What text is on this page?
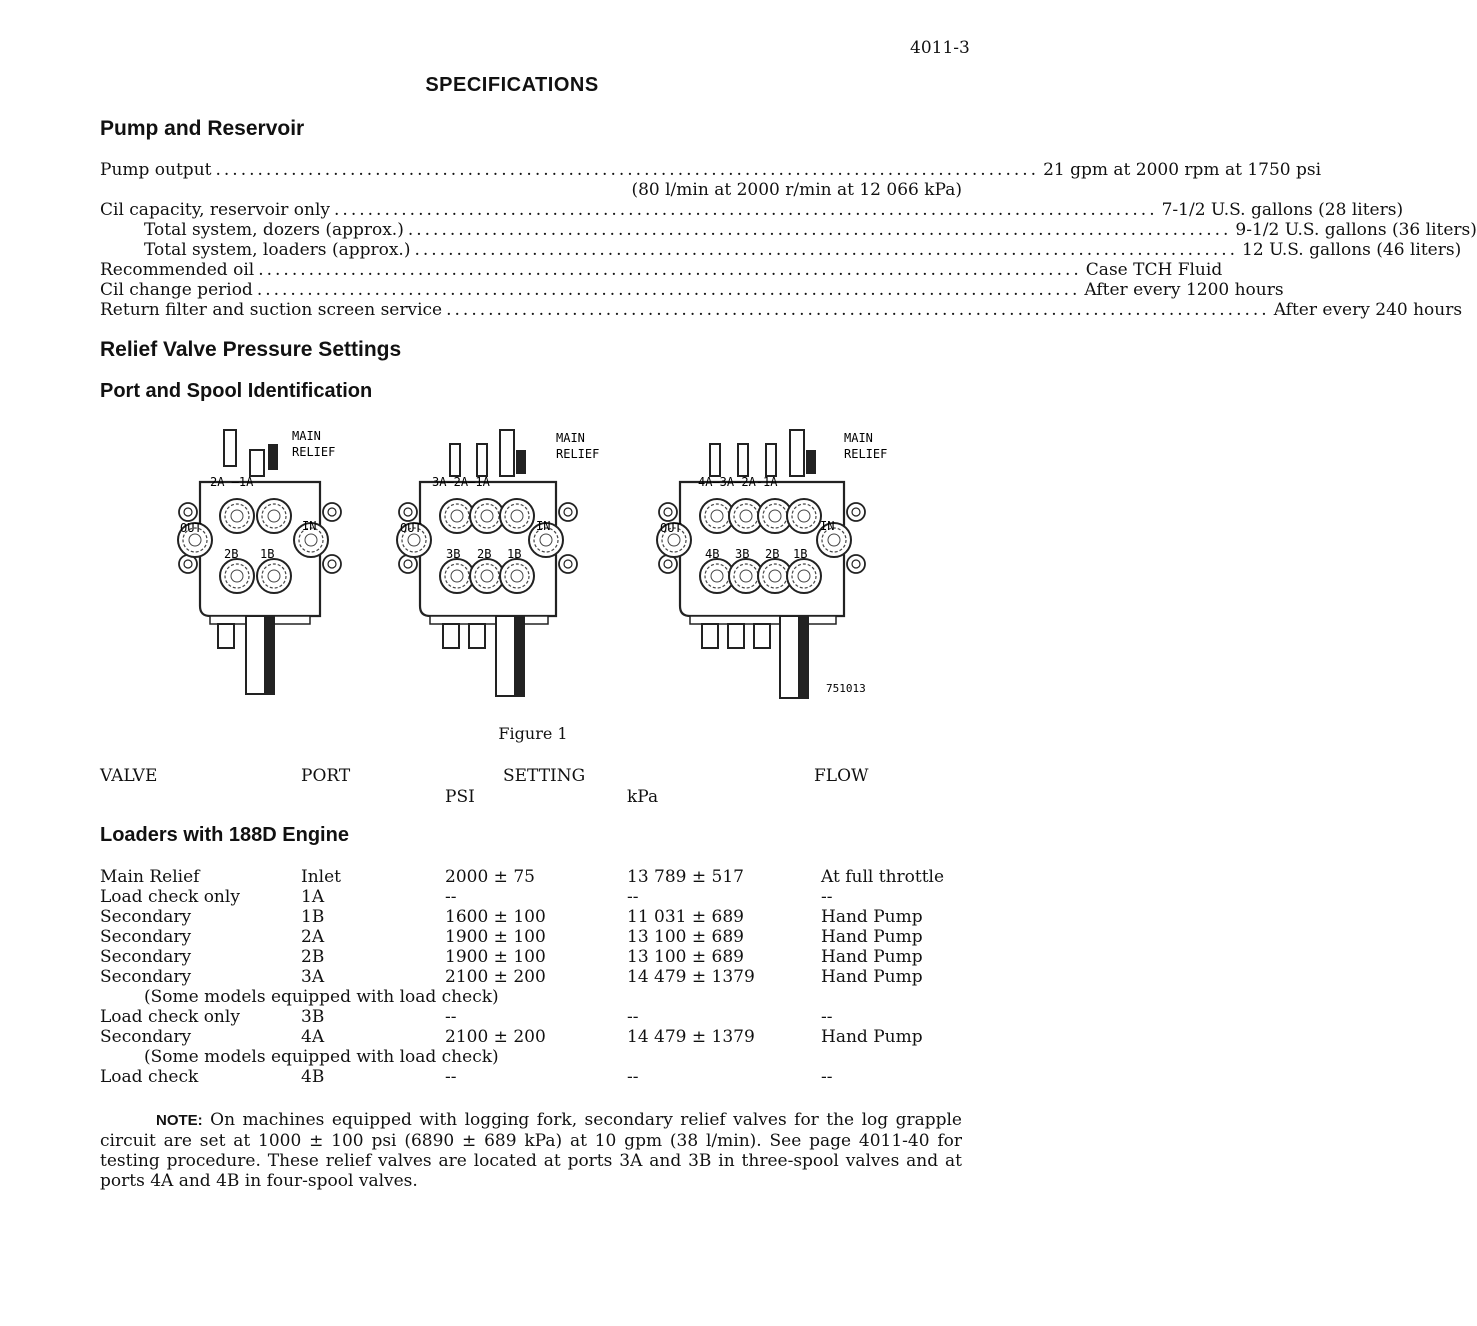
4011-3
SPECIFICATIONS
Pump and Reservoir
Pump output .................................................................................................. 21 gpm at 2000 rpm at 1750 psi
(80 l/min at 2000 r/min at 12 066 kPa)
Cil capacity, reservoir only .................................................................................................. 7-1/2 U.S. gallons (28 liters)
Total system, dozers (approx.) .................................................................................................. 9-1/2 U.S. gallons (36 liters)
Total system, loaders (approx.) .................................................................................................. 12 U.S. gallons (46 liters)
Recommended oil .................................................................................................. Case TCH Fluid
Cil change period .................................................................................................. After every 1200 hours
Return filter and suction screen service .................................................................................................. After every 240 hours
Relief Valve Pressure Settings
Port and Spool Identification
2A —1A
2B 1B
OUT	IN
MAIN
RELIEF
3A—2A—1A
3B 2B 1B
OUT	IN
MAIN
RELIEF
4A—3A—2A-1A
4B 3B 2B 1B
OUT	IN
MAIN
RELIEF
751013
Figure 1
VALVE	PORT	SETTING
PSI	kPa
FLOW
Loaders with 188D Engine
Main Relief	Inlet	2000 ± 75	13 789 ± 517	At full throttle
Load check only	1A	--	--	--
Secondary	1B	1600 ± 100	11 031 ± 689	Hand Pump
Secondary	2A	1900 ± 100	13 100 ± 689	Hand Pump
Secondary	2B	1900 ± 100	13 100 ± 689	Hand Pump
Secondary	3A	2100 ± 200	14 479 ± 1379	Hand Pump
(Some models equipped with load check)
Load check only	3B	--	--	--
Secondary	4A	2100 ± 200	14 479 ± 1379	Hand Pump
(Some models equipped with load check)
Load check	4B	--	--	--
NOTE: On machines equipped with logging fork, secondary relief valves for the log grapple circuit are set at 1000 ± 100 psi (6890 ± 689 kPa) at 10 gpm (38 l/min). See page 4011-40 for testing procedure. These relief valves are located at ports 3A and 3B in three-spool valves and at ports 4A and 4B in four-spool valves.
